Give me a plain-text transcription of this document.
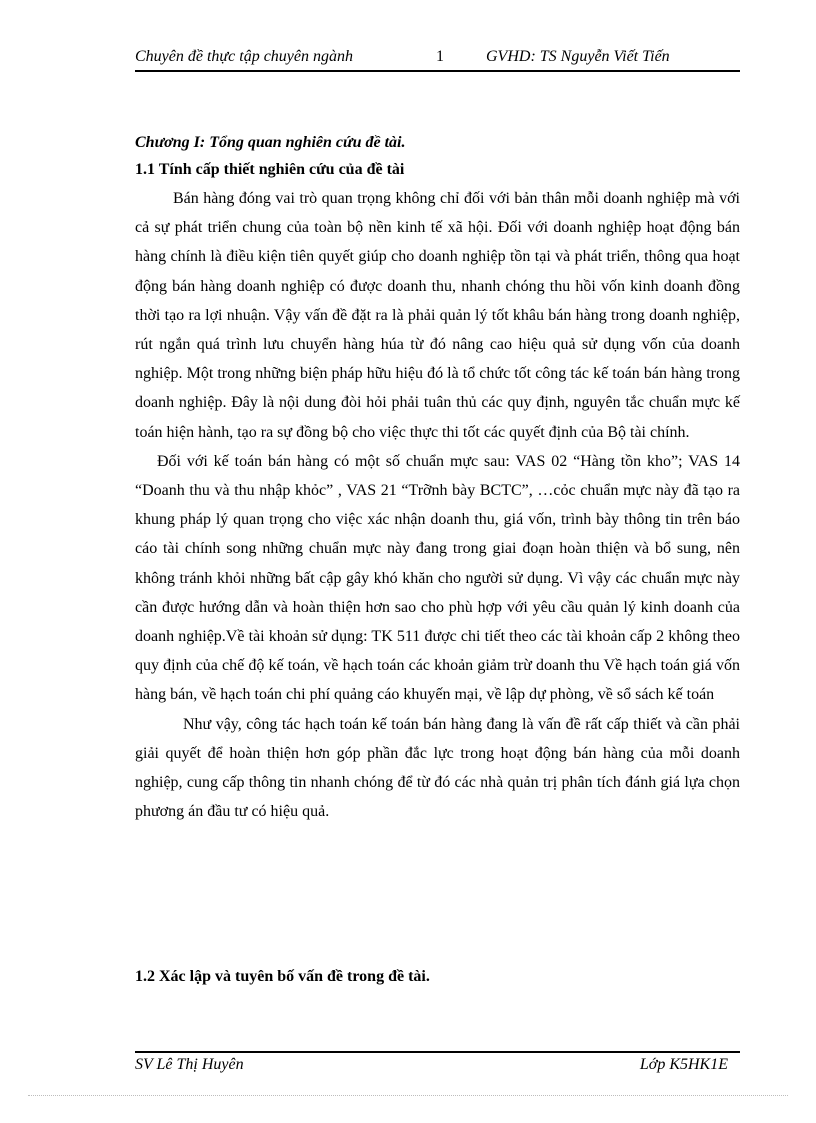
Chuyên đề thực tập chuyên ngành	1	GVHD: TS Nguyễn Viết Tiến

Chương I: Tổng quan nghiên cứu đề tài.

1.1 Tính cấp thiết nghiên cứu của đề tài

Bán hàng đóng vai trò quan trọng không chỉ đối với bản thân mỗi doanh nghiệp mà với cả sự phát triển chung của toàn bộ nền kinh tế xã hội. Đối với doanh nghiệp hoạt động bán hàng chính là điều kiện tiên quyết giúp cho doanh nghiệp tồn tại và phát triển, thông qua hoạt động bán hàng doanh nghiệp có được doanh thu, nhanh chóng thu hồi vốn kinh doanh đồng thời tạo ra lợi nhuận. Vậy vấn đề đặt ra là phải quản lý tốt khâu bán hàng trong doanh nghiệp, rút ngắn quá trình lưu chuyển hàng húa từ đó nâng cao hiệu quả sử dụng vốn của doanh nghiệp. Một trong những biện pháp hữu hiệu đó là tổ chức tốt công tác kế toán bán hàng trong doanh nghiệp. Đây là nội dung đòi hỏi phải tuân thủ các quy định, nguyên tắc chuẩn mực kế toán hiện hành, tạo ra sự đồng bộ cho việc thực thi tốt các quyết định của Bộ tài chính.

Đối với kế toán bán hàng có một số chuẩn mực sau: VAS 02 “Hàng tồn kho”; VAS 14 “Doanh thu và thu nhập khỏc” , VAS 21 “Trỡnh bày BCTC”, …cỏc chuẩn mực này đã tạo ra khung pháp lý quan trọng cho việc xác nhận doanh thu, giá vốn, trình bày thông tin trên báo cáo tài chính song những chuẩn mực này đang trong giai đoạn hoàn thiện và bổ sung, nên không tránh khỏi những bất cập gây khó khăn cho người sử dụng. Vì vậy các chuẩn mực này cần được hướng dẫn và hoàn thiện hơn sao cho phù hợp với yêu cầu quản lý kinh doanh của doanh nghiệp.Về tài khoản sử dụng: TK 511 được chi tiết theo các tài khoản cấp 2 không theo quy định của chế độ kế toán, về hạch toán các khoản giảm trừ doanh thu Về hạch toán giá vốn hàng bán, về hạch toán chi phí quảng cáo khuyến mại, về lập dự phòng, về sổ sách kế toán

Như vậy, công tác hạch toán kế toán bán hàng đang là vấn đề rất cấp thiết và cần phải giải quyết để hoàn thiện hơn góp phần đắc lực trong hoạt động bán hàng của mỗi doanh nghiệp, cung cấp thông tin nhanh chóng để từ đó các nhà quản trị phân tích đánh giá lựa chọn phương án đầu tư có hiệu quả.

1.2 Xác lập và tuyên bố vấn đề trong đề tài.

SV Lê Thị Huyên	Lớp K5HK1E
